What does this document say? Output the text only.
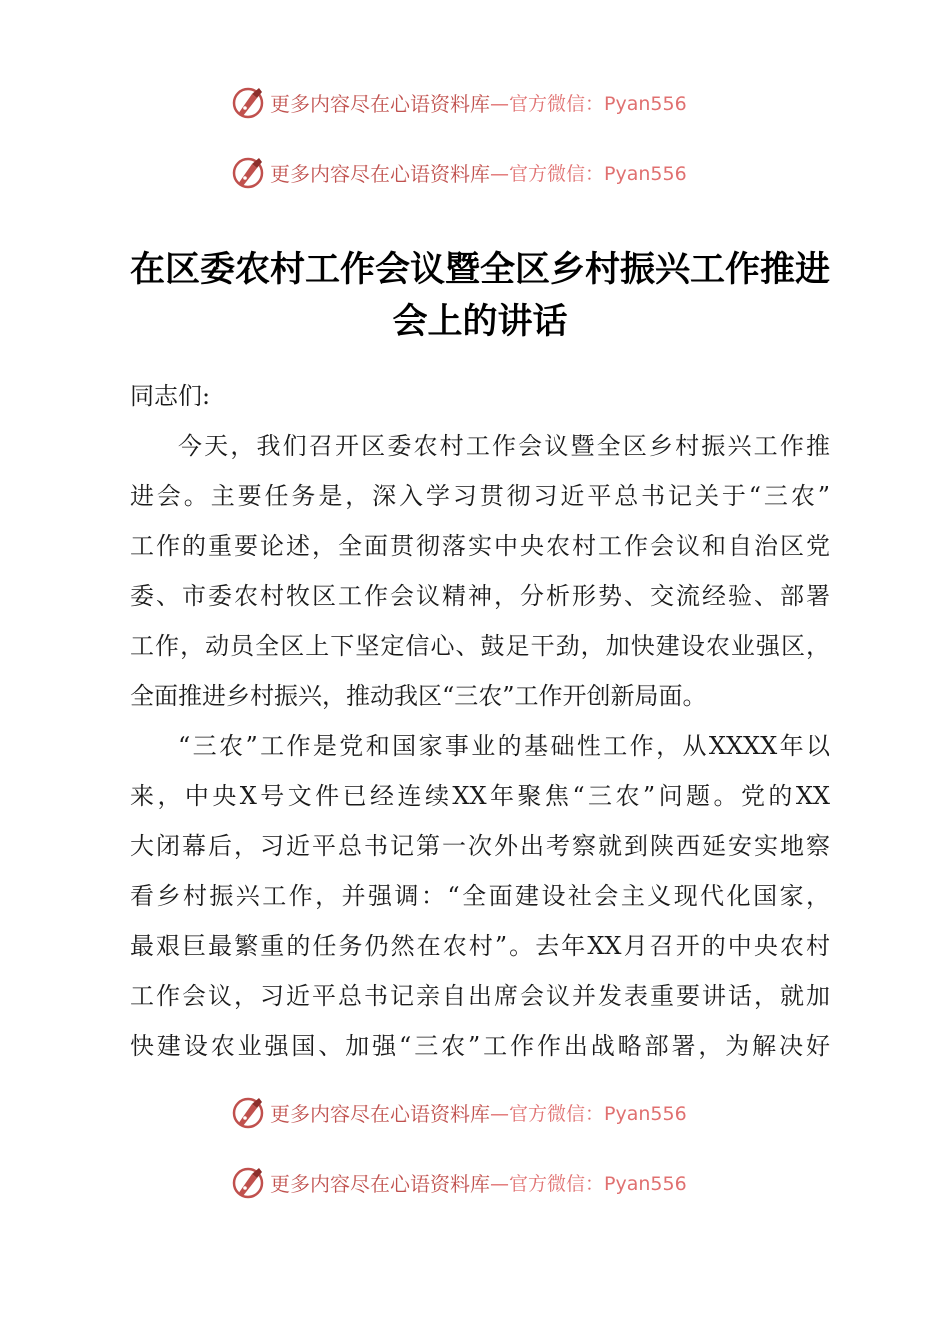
更多内容尽在心语资料库 —官方微信：Pyan556
更多内容尽在心语资料库 —官方微信：Pyan556
在区委农村工作会议暨全区乡村振兴工作推进
会上的讲话
同志们:
今天，我们召开区委农村工作会议暨全区乡村振兴工作推
进会。主要任务是，深入学习贯彻习近平总书记关于“三农”
工作的重要论述，全面贯彻落实中央农村工作会议和自治区党
委、市委农村牧区工作会议精神，分析形势、交流经验、部署
工作，动员全区上下坚定信心、鼓足干劲，加快建设农业强区，
全面推进乡村振兴，推动我区“三农”工作开创新局面。
“三农”工作是党和国家事业的基础性工作，从XXXX年以
来，中央X号文件已经连续XX年聚焦“三农”问题。党的XX
大闭幕后，习近平总书记第一次外出考察就到陕西延安实地察
看乡村振兴工作，并强调：“全面建设社会主义现代化国家，
最艰巨最繁重的任务仍然在农村”。去年XX月召开的中央农村
工作会议，习近平总书记亲自出席会议并发表重要讲话，就加
快建设农业强国、加强“三农”工作作出战略部署，为解决好
更多内容尽在心语资料库 —官方微信：Pyan556
更多内容尽在心语资料库 —官方微信：Pyan556
